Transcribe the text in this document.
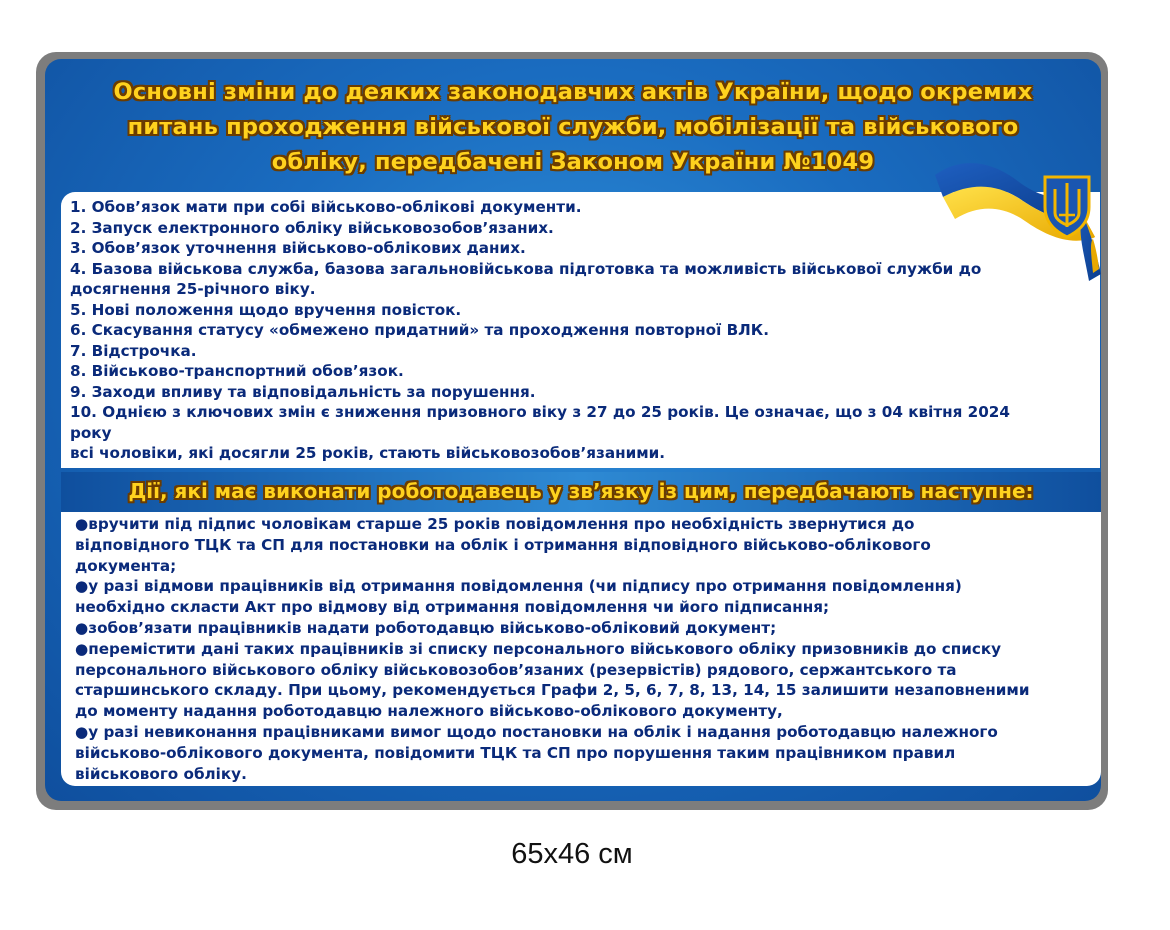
Основні зміни до деяких законодавчих актів України, щодо окремих
питань проходження військової служби, мобілізації та військового
обліку, передбачені Законом України №1049
1. Обов’язок мати при собі військово-облікові документи.
2. Запуск електронного обліку військовозобов’язаних.
3. Обов’язок уточнення військово-облікових даних.
4. Базова військова служба, базова загальновійськова підготовка та можливість військової служби до
досягнення 25-річного віку.
5. Нові положення щодо вручення повісток.
6. Скасування статусу «обмежено придатний» та проходження повторної ВЛК.
7. Відстрочка.
8. Військово-транспортний обов’язок.
9. Заходи впливу та відповідальність за порушення.
10. Однією з ключових змін є зниження призовного віку з 27 до 25 років. Це означає, що з 04 квітня 2024
року
всі чоловіки, які досягли 25 років, стають військовозобов’язаними.
Дії, які має виконати роботодавець у зв’язку із цим, передбачають наступне:
●вручити під підпис чоловікам старше 25 років повідомлення про необхідність звернутися до
відповідного ТЦК та СП для постановки на облік і отримання відповідного військово-облікового
документа;
●у разі відмови працівників від отримання повідомлення (чи підпису про отримання повідомлення)
необхідно скласти Акт про відмову від отримання повідомлення чи його підписання;
●зобов’язати працівників надати роботодавцю військово-обліковий документ;
●перемістити дані таких працівників зі списку персонального військового обліку призовників до списку
персонального військового обліку військовозобов’язаних (резервістів) рядового, сержантського та
старшинського складу. При цьому, рекомендується Графи 2, 5, 6, 7, 8, 13, 14, 15 залишити незаповненими
до моменту надання роботодавцю належного військово-облікового документу,
●у разі невиконання працівниками вимог щодо постановки на облік і надання роботодавцю належного
військово-облікового документа, повідомити ТЦК та СП про порушення таким працівником правил
військового обліку.
65x46 см
